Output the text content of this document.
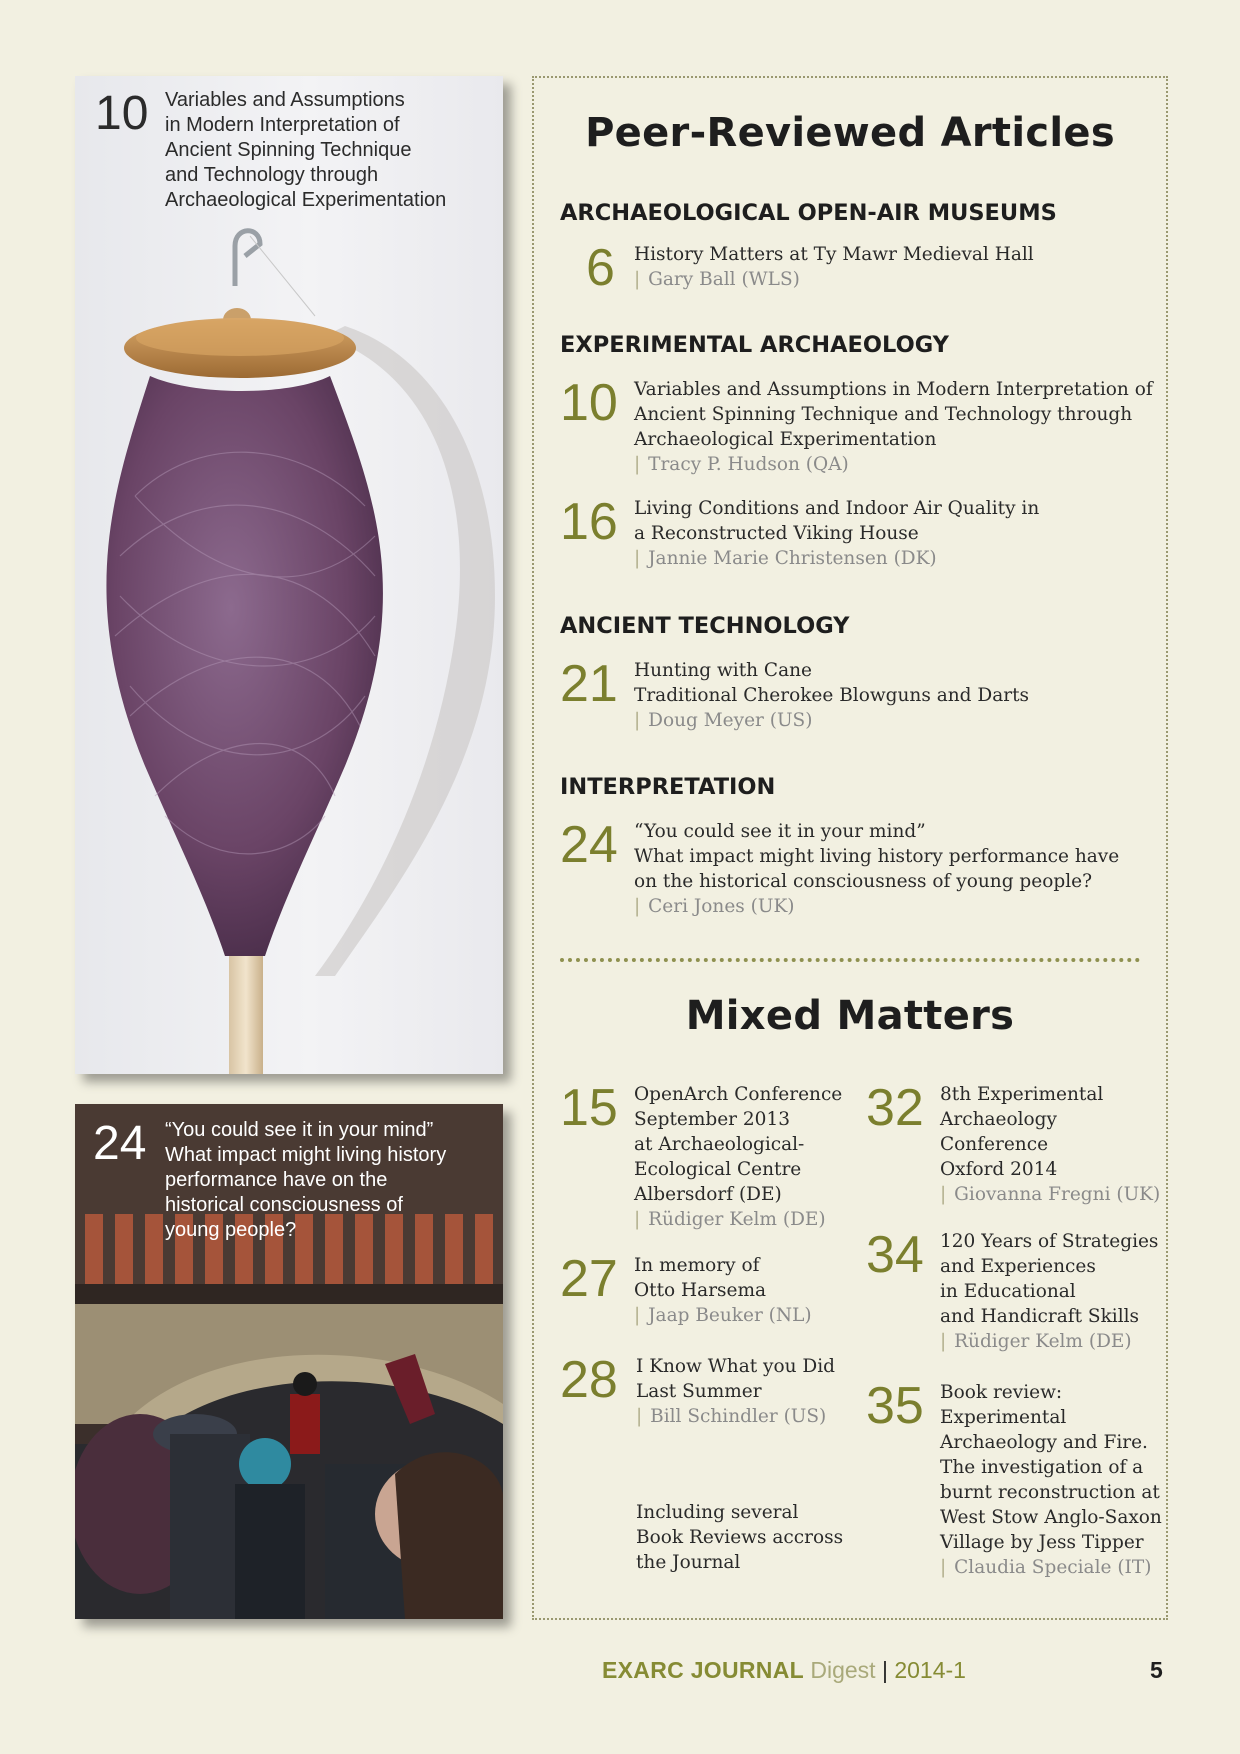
10 Variables and Assumptions
in Modern Interpretation of
Ancient Spinning Technique
and Technology through
Archaeological Experimentation
24 “You could see it in your mind”
What impact might living history
performance have on the
historical consciousness of
young people?
Peer-Reviewed Articles
ARCHAEOLOGICAL OPEN-AIR MUSEUMS
6 History Matters at Ty Mawr Medieval Hall
| Gary Ball (WLS)
EXPERIMENTAL ARCHAEOLOGY
10 Variables and Assumptions in Modern Interpretation of
Ancient Spinning Technique and Technology through
Archaeological Experimentation
| Tracy P. Hudson (QA)
16 Living Conditions and Indoor Air Quality in
a Reconstructed Viking House
| Jannie Marie Christensen (DK)
ANCIENT TECHNOLOGY
21 Hunting with Cane
Traditional Cherokee Blowguns and Darts
| Doug Meyer (US)
INTERPRETATION
24 “You could see it in your mind”
What impact might living history performance have
on the historical consciousness of young people?
| Ceri Jones (UK)
Mixed Matters
15 OpenArch Conference
September 2013
at Archaeological-
Ecological Centre
Albersdorf (DE)
| Rüdiger Kelm (DE)
27 In memory of
Otto Harsema
| Jaap Beuker (NL)
28 I Know What you Did
Last Summer
| Bill Schindler (US)
Including several
Book Reviews accross
the Journal
32 8th Experimental
Archaeology
Conference
Oxford 2014
| Giovanna Fregni (UK)
34 120 Years of Strategies
and Experiences
in Educational
and Handicraft Skills
| Rüdiger Kelm (DE)
35 Book review:
Experimental
Archaeology and Fire.
The investigation of a
burnt reconstruction at
West Stow Anglo-Saxon
Village by Jess Tipper
| Claudia Speciale (IT)
EXARC JOURNAL Digest | 2014-1	5
